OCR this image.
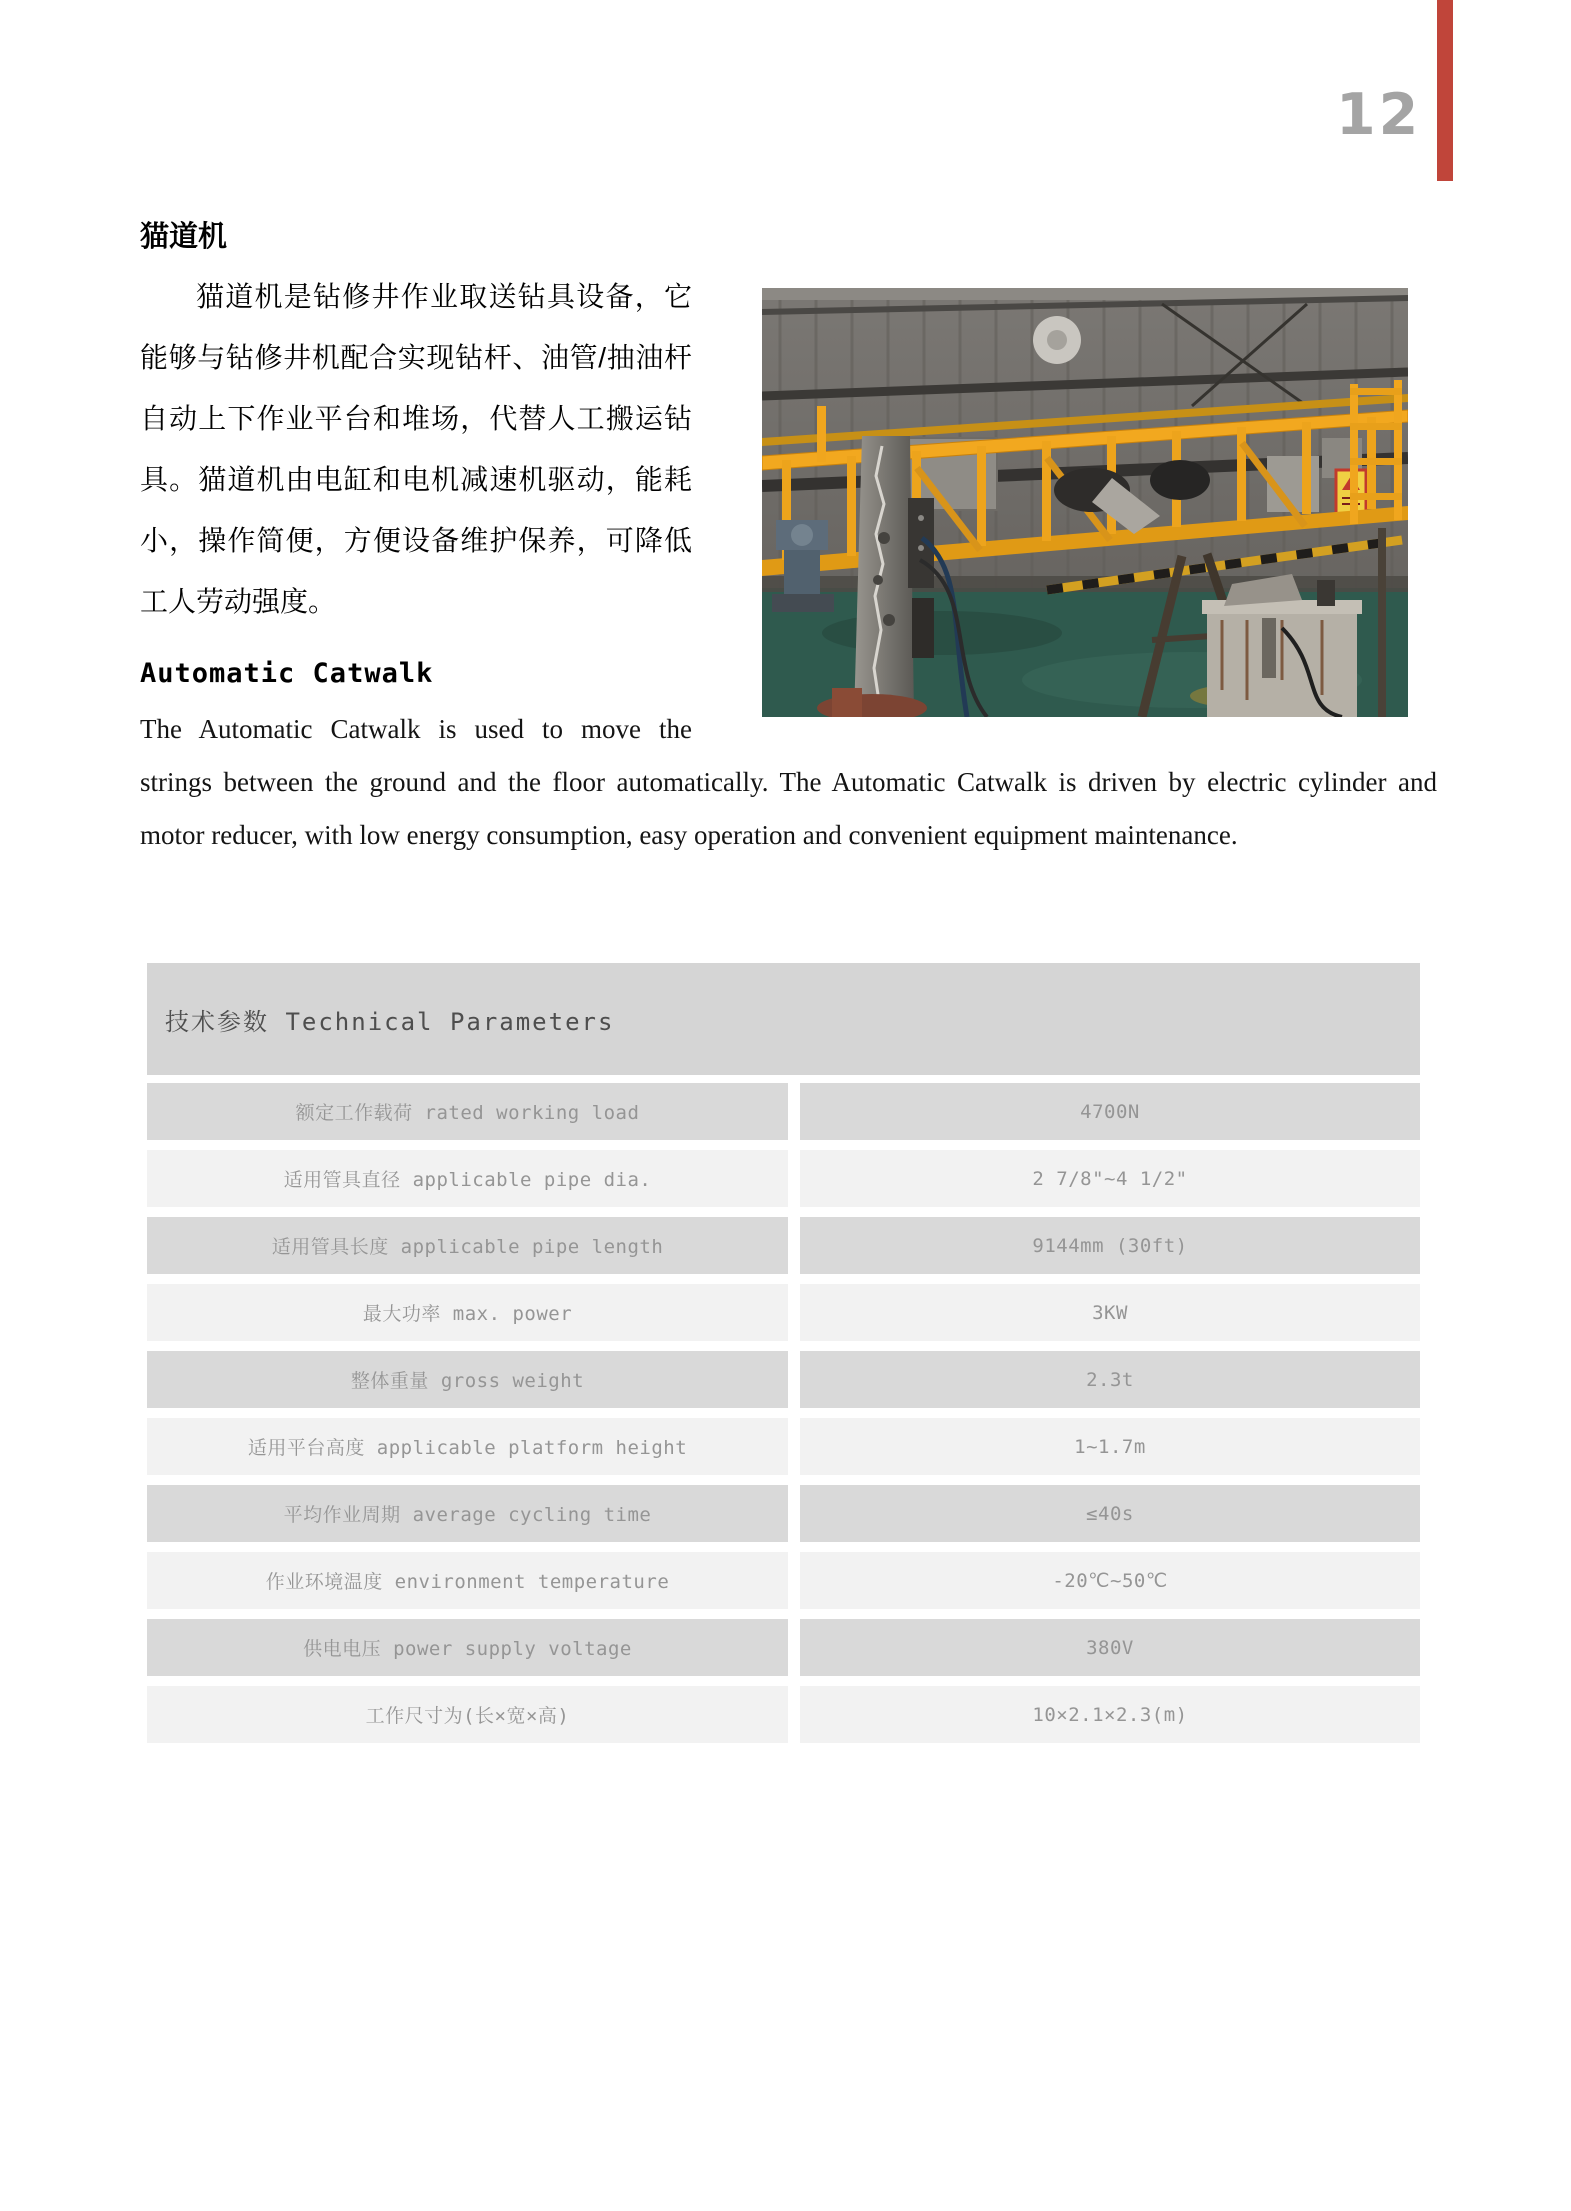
12
猫道机
猫道机是钻修井作业取送钻具设备，它
能够与钻修井机配合实现钻杆、油管/抽油杆
自动上下作业平台和堆场，代替人工搬运钻
具。猫道机由电缸和电机减速机驱动，能耗
小，操作简便，方便设备维护保养，可降低
工人劳动强度。
Automatic Catwalk
The Automatic Catwalk is used to move the
strings between the ground and the floor automatically. The Automatic Catwalk is driven by electric cylinder and
motor reducer, with low energy consumption, easy operation and convenient equipment maintenance.
技术参数 Technical Parameters
额定工作载荷 rated working load	4700N
适用管具直径 applicable pipe dia.	2 7/8"~4 1/2"
适用管具长度 applicable pipe length	9144mm (30ft)
最大功率 max. power	3KW
整体重量 gross weight	2.3t
适用平台高度 applicable platform height	1~1.7m
平均作业周期 average cycling time	≤40s
作业环境温度 environment temperature	-20℃~50℃
供电电压 power supply voltage	380V
工作尺寸为(长×宽×高)	10×2.1×2.3(m)
